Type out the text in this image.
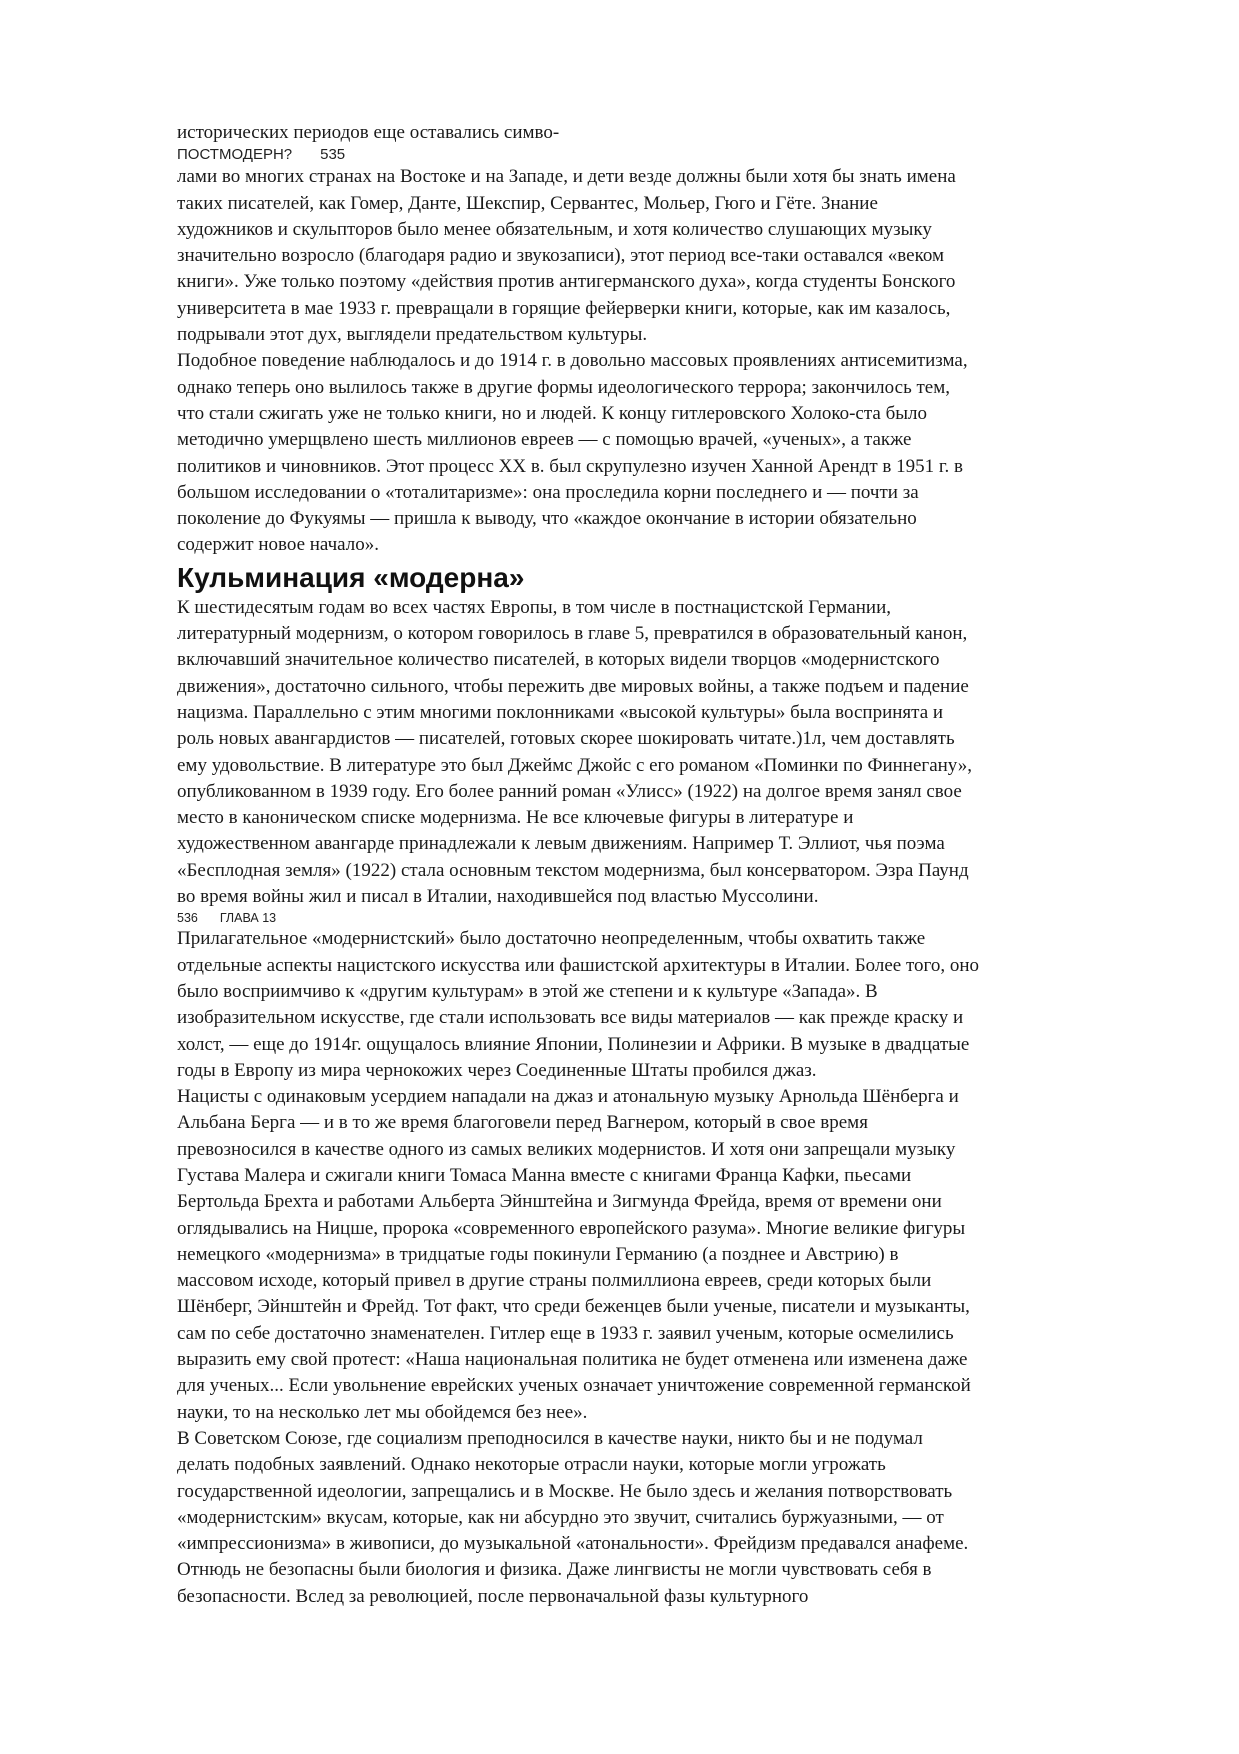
исторических периодов еще оставались симво-

ПОСТМОДЕРН? 535

лами во многих странах на Востоке и на Западе, и дети везде должны были хотя бы знать имена
таких писателей, как Гомер, Данте, Шекспир, Сервантес, Мольер, Гюго и Гёте. Знание
художников и скульпторов было менее обязательным, и хотя количество слушающих музыку
значительно возросло (благодаря радио и звукозаписи), этот период все-таки оставался «веком
книги». Уже только поэтому «действия против антигерманского духа», когда студенты Бонского
университета в мае 1933 г. превращали в горящие фейерверки книги, которые, как им казалось,
подрывали этот дух, выглядели предательством культуры.

Подобное поведение наблюдалось и до 1914 г. в довольно массовых проявлениях антисемитизма,
однако теперь оно вылилось также в другие формы идеологического террора; закончилось тем,
что стали сжигать уже не только книги, но и людей. К концу гитлеровского Холоко-ста было
методично умерщвлено шесть миллионов евреев — с помощью врачей, «ученых», а также
политиков и чиновников. Этот процесс XX в. был скрупулезно изучен Ханной Арендт в 1951 г. в
большом исследовании о «тоталитаризме»: она проследила корни последнего и — почти за
поколение до Фукуямы — пришла к выводу, что «каждое окончание в истории обязательно
содержит новое начало».

Кульминация «модерна»

К шестидесятым годам во всех частях Европы, в том числе в постнацистской Германии,
литературный модернизм, о котором говорилось в главе 5, превратился в образовательный канон,
включавший значительное количество писателей, в которых видели творцов «модернистского
движения», достаточно сильного, чтобы пережить две мировых войны, а также подъем и падение
нацизма. Параллельно с этим многими поклонниками «высокой культуры» была воспринята и
роль новых авангардистов — писателей, готовых скорее шокировать читате.)1л, чем доставлять
ему удовольствие. В литературе это был Джеймс Джойс с его романом «Поминки по Финнегану»,
опубликованном в 1939 году. Его более ранний роман «Улисс» (1922) на долгое время занял свое
место в каноническом списке модернизма. Не все ключевые фигуры в литературе и
художественном авангарде принадлежали к левым движениям. Например Т. Эллиот, чья поэма
«Бесплодная земля» (1922) стала основным текстом модернизма, был консерватором. Эзра Паунд
во время войны жил и писал в Италии, находившейся под властью Муссолини.

536 ГЛАВА 13

Прилагательное «модернистский» было достаточно неопределенным, чтобы охватить также
отдельные аспекты нацистского искусства или фашистской архитектуры в Италии. Более того, оно
было восприимчиво к «другим культурам» в этой же степени и к культуре «Запада». В
изобразительном искусстве, где стали использовать все виды материалов — как прежде краску и
холст, — еще до 1914г. ощущалось влияние Японии, Полинезии и Африки. В музыке в двадцатые
годы в Европу из мира чернокожих через Соединенные Штаты пробился джаз.

Нацисты с одинаковым усердием нападали на джаз и атональную музыку Арнольда Шёнберга и
Альбана Берга — и в то же время благоговели перед Вагнером, который в свое время
превозносился в качестве одного из самых великих модернистов. И хотя они запрещали музыку
Густава Малера и сжигали книги Томаса Манна вместе с книгами Франца Кафки, пьесами
Бертольда Брехта и работами Альберта Эйнштейна и Зигмунда Фрейда, время от времени они
оглядывались на Ницше, пророка «современного европейского разума». Многие великие фигуры
немецкого «модернизма» в тридцатые годы покинули Германию (а позднее и Австрию) в
массовом исходе, который привел в другие страны полмиллиона евреев, среди которых были
Шёнберг, Эйнштейн и Фрейд. Тот факт, что среди беженцев были ученые, писатели и музыканты,
сам по себе достаточно знаменателен. Гитлер еще в 1933 г. заявил ученым, которые осмелились
выразить ему свой протест: «Наша национальная политика не будет отменена или изменена даже
для ученых... Если увольнение еврейских ученых означает уничтожение современной германской
науки, то на несколько лет мы обойдемся без нее».

В Советском Союзе, где социализм преподносился в качестве науки, никто бы и не подумал
делать подобных заявлений. Однако некоторые отрасли науки, которые могли угрожать
государственной идеологии, запрещались и в Москве. Не было здесь и желания потворствовать
«модернистским» вкусам, которые, как ни абсурдно это звучит, считались буржуазными, — от
«импрессионизма» в живописи, до музыкальной «атональности». Фрейдизм предавался анафеме.
Отнюдь не безопасны были биология и физика. Даже лингвисты не могли чувствовать себя в
безопасности. Вслед за революцией, после первоначальной фазы культурного
